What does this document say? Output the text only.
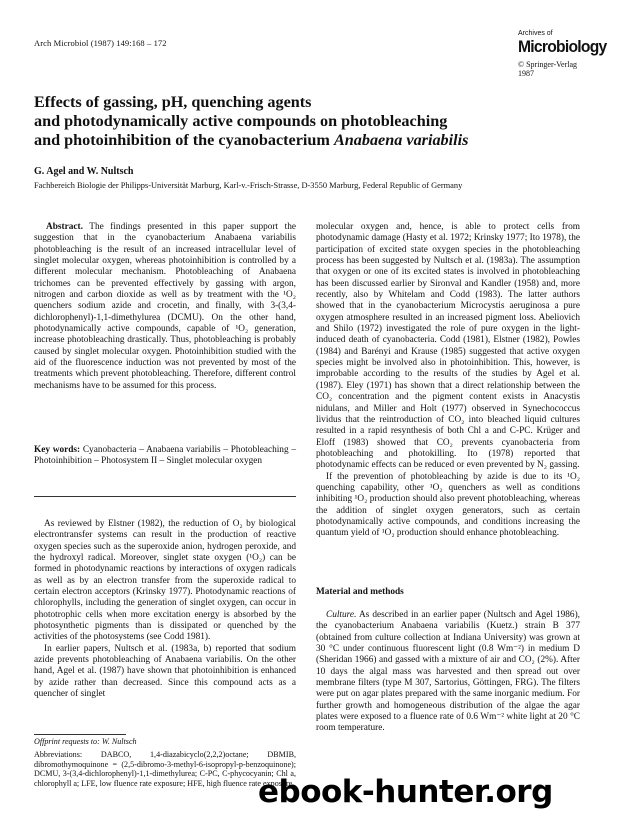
Arch Microbiol (1987) 149:168 – 172
Archives of
Microbiology
© Springer-Verlag 1987
Effects of gassing, pH, quenching agents
and photodynamically active compounds on photobleaching
and photoinhibition of the cyanobacterium Anabaena variabilis
G. Agel and W. Nultsch
Fachbereich Biologie der Philipps-Universität Marburg, Karl-v.-Frisch-Strasse, D-3550 Marburg, Federal Republic of Germany

Abstract. The findings presented in this paper support the suggestion that in the cyanobacterium Anabaena variabilis photobleaching is the result of an increased intracellular level of singlet molecular oxygen, whereas photoinhibition is controlled by a different molecular mechanism. Photobleaching of Anabaena trichomes can be prevented effectively by gassing with argon, nitrogen and carbon dioxide as well as by treatment with the ¹O₂ quenchers sodium azide and crocetin, and finally, with 3-(3,4-dichlorophenyl)-1,1-dimethylurea (DCMU). On the other hand, photodynamically active compounds, capable of ¹O₂ generation, increase photobleaching drastically. Thus, photobleaching is probably caused by singlet molecular oxygen. Photoinhibition studied with the aid of the fluorescence induction was not prevented by most of the treatments which prevent photobleaching. Therefore, different control mechanisms have to be assumed for this process.

Key words: Cyanobacteria – Anabaena variabilis – Photobleaching – Photoinhibition – Photosystem II – Singlet molecular oxygen

As reviewed by Elstner (1982), the reduction of O₂ by biological electrontransfer systems can result in the production of reactive oxygen species such as the superoxide anion, hydrogen peroxide, and the hydroxyl radical. Moreover, singlet state oxygen (¹O₂) can be formed in photodynamic reactions by interactions of oxygen radicals as well as by an electron transfer from the superoxide radical to certain electron acceptors (Krinsky 1977). Photodynamic reactions of chlorophylls, including the generation of singlet oxygen, can occur in phototrophic cells when more excitation energy is absorbed by the photosynthetic pigments than is dissipated or quenched by the activities of the photosystems (see Codd 1981).

In earlier papers, Nultsch et al. (1983a, b) reported that sodium azide prevents photobleaching of Anabaena variabilis. On the other hand, Agel et al. (1987) have shown that photoinhibition is enhanced by azide rather than decreased. Since this compound acts as a quencher of singlet

Offprint requests to: W. Nultsch
Abbreviations: DABCO, 1,4-diazabicyclo(2,2,2)octane; DBMIB, dibromothymoquinone = (2,5-dibromo-3-methyl-6-isopropyl-p-benzoquinone); DCMU, 3-(3,4-dichlorophenyl)-1,1-dimethylurea; C-PC, C-phycocyanin; Chl a, chlorophyll a; LFE, low fluence rate exposure; HFE, high fluence rate exposure

molecular oxygen and, hence, is able to protect cells from photodynamic damage (Hasty et al. 1972; Krinsky 1977; Ito 1978), the participation of excited state oxygen species in the photobleaching process has been suggested by Nultsch et al. (1983a). The assumption that oxygen or one of its excited states is involved in photobleaching has been discussed earlier by Sironval and Kandler (1958) and, more recently, also by Whitelam and Codd (1983). The latter authors showed that in the cyanobacterium Microcystis aeruginosa a pure oxygen atmosphere resulted in an increased pigment loss. Abeliovich and Shilo (1972) investigated the role of pure oxygen in the light-induced death of cyanobacteria. Codd (1981), Elstner (1982), Powles (1984) and Barényi and Krause (1985) suggested that active oxygen species might be involved also in photoinhibition. This, however, is improbable according to the results of the studies by Agel et al. (1987). Eley (1971) has shown that a direct relationship between the CO₂ concentration and the pigment content exists in Anacystis nidulans, and Miller and Holt (1977) observed in Synechococcus lividus that the reintroduction of CO₂ into bleached liquid cultures resulted in a rapid resynthesis of both Chl a and C-PC. Krüger and Eloff (1983) showed that CO₂ prevents cyanobacteria from photobleaching and photokilling. Ito (1978) reported that photodynamic effects can be reduced or even prevented by N₂ gassing.

If the prevention of photobleaching by azide is due to its ¹O₂ quenching capability, other ¹O₂ quenchers as well as conditions inhibiting ¹O₂ production should also prevent photobleaching, whereas the addition of singlet oxygen generators, such as certain photodynamically active compounds, and conditions increasing the quantum yield of ¹O₂ production should enhance photobleaching.

Material and methods

Culture. As described in an earlier paper (Nultsch and Agel 1986), the cyanobacterium Anabaena variabilis (Kuetz.) strain B 377 (obtained from culture collection at Indiana University) was grown at 30 °C under continuous fluorescent light (0.8 Wm⁻²) in medium D (Sheridan 1966) and gassed with a mixture of air and CO₂ (2%). After 10 days the algal mass was harvested and then spread out over membrane filters (type M 307, Sartorius, Göttingen, FRG). The filters were put on agar plates prepared with the same inorganic medium. For further growth and homogeneous distribution of the algae the agar plates were exposed to a fluence rate of 0.6 Wm⁻² white light at 20 °C room temperature.

ebook-hunter.org
